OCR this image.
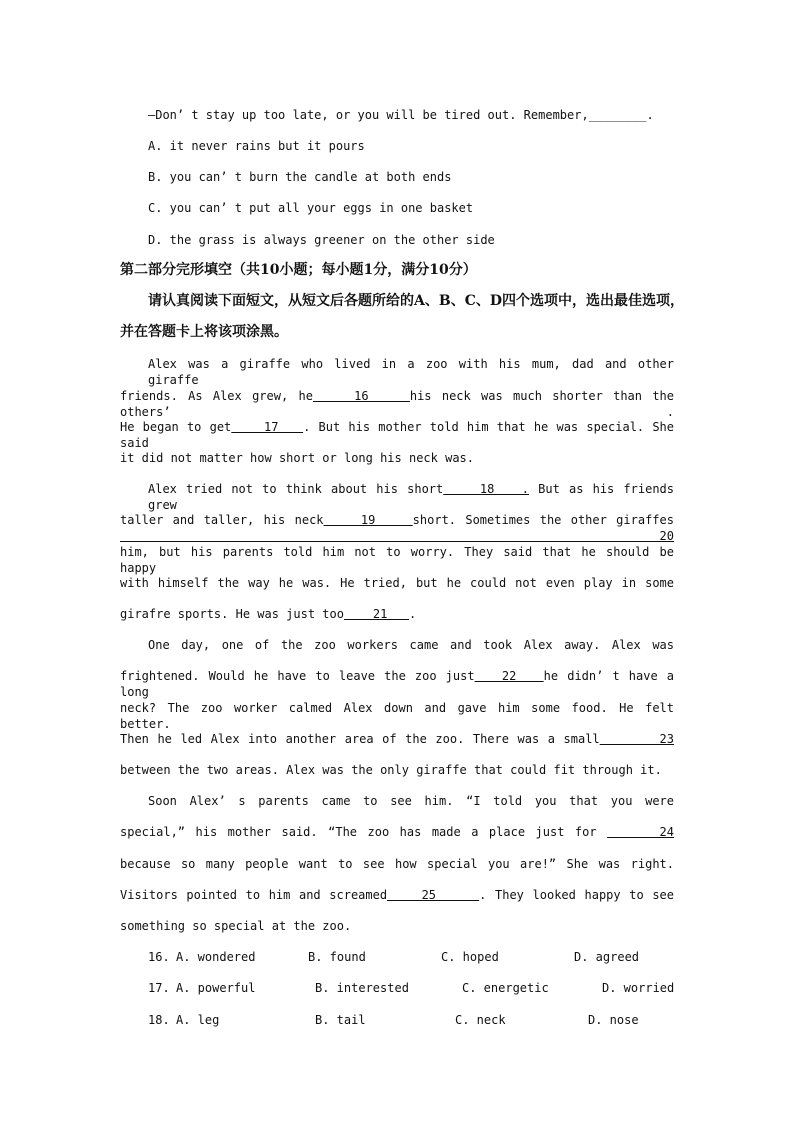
—Don’ t stay up too late, or you will be tired out. Remember,________.
A. it never rains but it pours
B. you can’ t burn the candle at both ends
C. you can’ t put all your eggs in one basket
D. the grass is always greener on the other side
第二部分完形填空（共10小题；每小题1分，满分10分）
请认真阅读下面短文，从短文后各题所给的A、B、C、D四个选项中，选出最佳选项，
并在答题卡上将该项涂黑。
Alex was a giraffe who lived in a zoo with his mum, dad and other giraffe
friends. As Alex grew, he    16    his neck was much shorter than the others’ .
He began to get    17   . But his mother told him that he was special. She said
it did not matter how short or long his neck was.
Alex tried not to think about his short    18   . But as his friends grew
taller and taller, his neck    19    short. Sometimes the other giraffes    20
him, but his parents told him not to worry. They said that he should be happy
with himself the way he was. He tried, but he could not even play in some
girafre sports. He was just too    21   .
One day, one of the zoo workers came and took Alex away. Alex was
frightened. Would he have to leave the zoo just   22   he didn’ t have a long
neck? The zoo worker calmed Alex down and gave him some food. He felt better.
Then he led Alex into another area of the zoo. There was a small       23
between the two areas. Alex was the only giraffe that could fit through it.
Soon Alex’ s parents came to see him. “I told you that you were
special,” his mother said. “The zoo has made a place just for      24
because so many people want to see how special you are!” She was right.
Visitors pointed to him and screamed    25     . They looked happy to see
something so special at the zoo.
16. A. wondered	B. found	C. hoped	D. agreed
17. A. powerful	B. interested	C. energetic	D. worried
18. A. leg	B. tail	C. neck	D. nose
